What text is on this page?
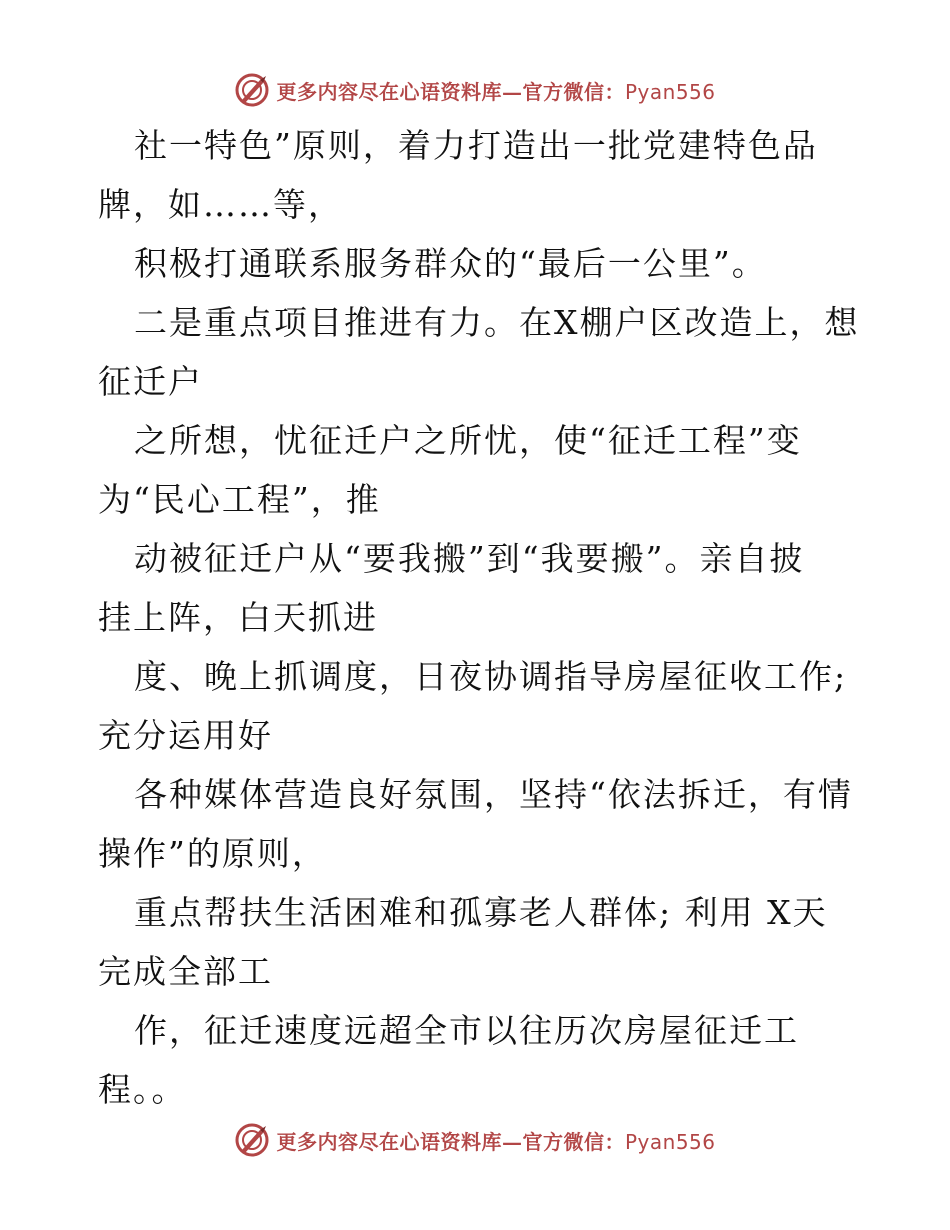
更多内容尽在心语资料库—官方微信：Pyan556
社一特色”原则，着力打造出一批党建特色品
牌，如……等，
积极打通联系服务群众的“最后一公里”。
二是重点项目推进有力。在X棚户区改造上，想
征迁户
之所想，忧征迁户之所忧，使“征迁工程”变
为“民心工程”，推
动被征迁户从“要我搬”到“我要搬”。亲自披
挂上阵，白天抓进
度、晚上抓调度，日夜协调指导房屋征收工作;
充分运用好
各种媒体营造良好氛围，坚持“依法拆迁，有情
操作”的原则，
重点帮扶生活困难和孤寡老人群体; 利用 X天
完成全部工
作，征迁速度远超全市以往历次房屋征迁工
程。。
更多内容尽在心语资料库—官方微信：Pyan556
